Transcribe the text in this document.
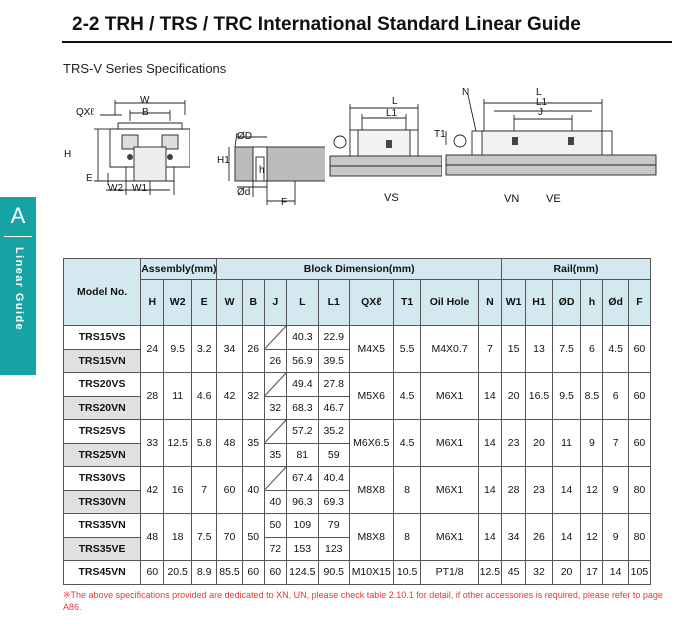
2-2 TRH / TRS / TRC International Standard Linear Guide
TRS-V Series Specifications
A
Linear Guide
QXℓ
W
B
H
E
W2 W1
ØD
H1
h
Ød
F
L
L1
VS
N	L
L1
J
T1
VN VE
Model No.	Assembly(mm)			Block Dimension(mm)									Rail(mm)					
	H	W2	E	W	B	J	L	L1	QXℓ	T1	Oil Hole	N	W1	H1	ØD	h	Ød	F
TRS15VS	24	9.5	3.2	34	26		40.3	22.9	M4X5	5.5	M4X0.7	7	15	13	7.5	6	4.5	60
TRS15VN						26	56.9	39.5										
TRS20VS	28	11	4.6	42	32		49.4	27.8	M5X6	4.5	M6X1	14	20	16.5	9.5	8.5	6	60
TRS20VN						32	68.3	46.7										
TRS25VS	33	12.5	5.8	48	35		57.2	35.2	M6X6.5	4.5	M6X1	14	23	20	11	9	7	60
TRS25VN						35	81	59										
TRS30VS	42	16	7	60	40		67.4	40.4	M8X8	8	M6X1	14	28	23	14	12	9	80
TRS30VN						40	96.3	69.3										
TRS35VN	48	18	7.5	70	50	50	109	79	M8X8	8	M6X1	14	34	26	14	12	9	80
TRS35VE						72	153	123										
TRS45VN	60	20.5	8.9	85.5	60	60	124.5	90.5	M10X15	10.5	PT1/8	12.5	45	32	20	17	14	105
※The above specifications provided are dedicated to XN, UN, please check table 2.10.1 for detail, if other accessories is required, please refer to page A86.
